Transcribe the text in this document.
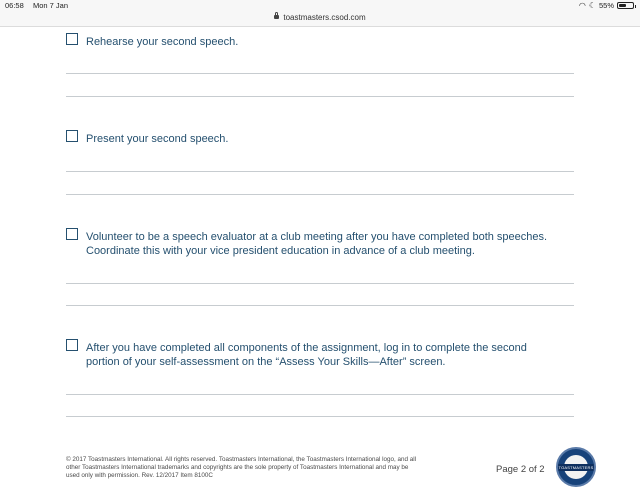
06:58 Mon 7 Jan
toastmasters.csod.com
◠ ☾ 55%
Rehearse your second speech.
Present your second speech.
Volunteer to be a speech evaluator at a club meeting after you have completed both speeches.
Coordinate this with your vice president education in advance of a club meeting.
After you have completed all components of the assignment, log in to complete the second
portion of your self-assessment on the “Assess Your Skills—After” screen.
© 2017 Toastmasters International. All rights reserved. Toastmasters International, the Toastmasters International logo, and all
other Toastmasters International trademarks and copyrights are the sole property of Toastmasters International and may be
used only with permission. Rev. 12/2017 Item 8100C
Page 2 of 2	TOASTMASTERS
